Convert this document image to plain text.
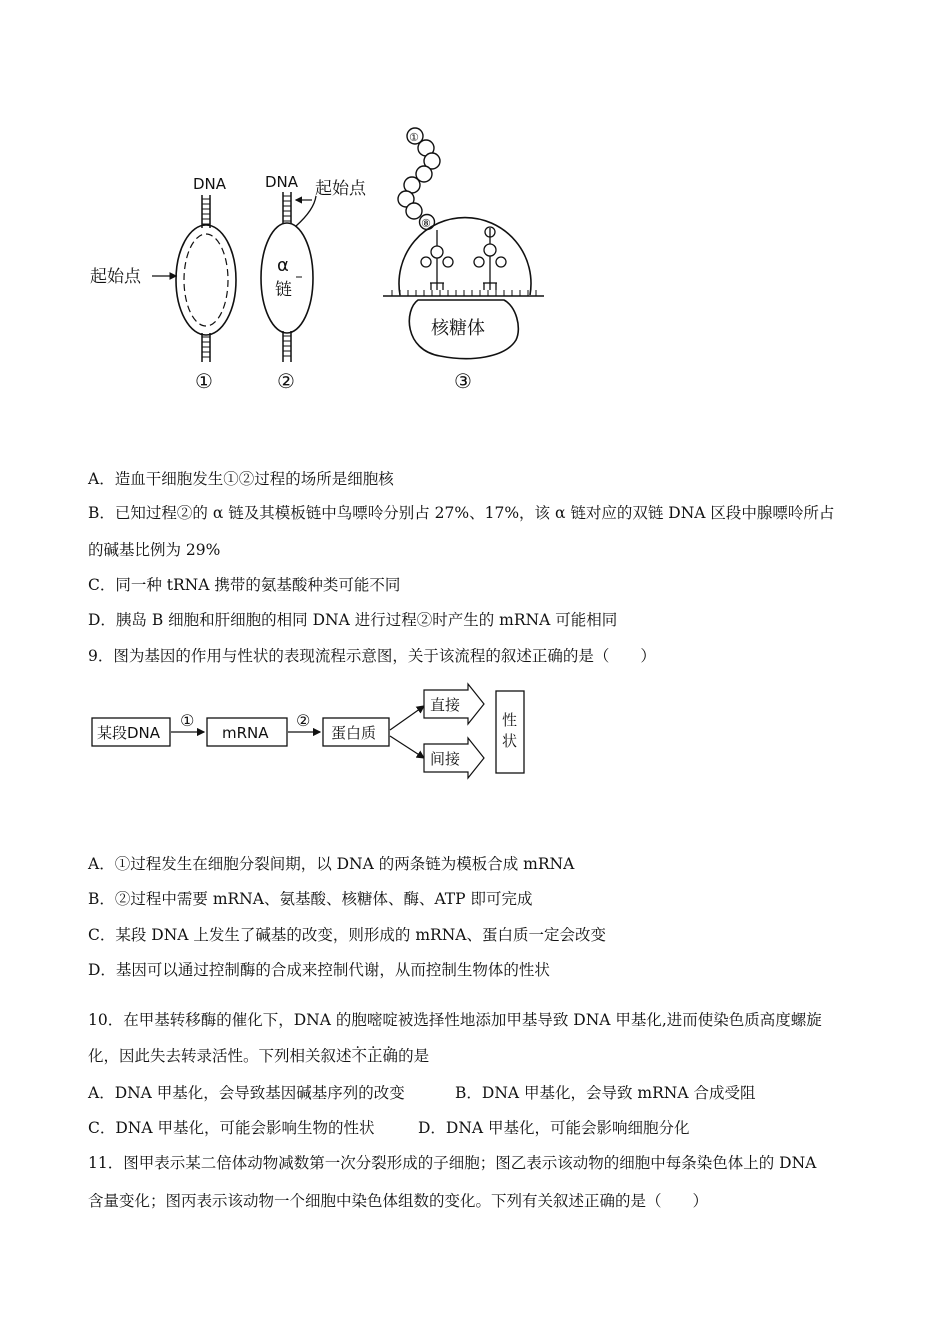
DNA
起始点
①
DNA 起始点
α
链
②
①
⑧
核糖体
③
A．造血干细胞发生①②过程的场所是细胞核
B．已知过程②的 α 链及其模板链中鸟嘌呤分别占 27%、17%，该 α 链对应的双链 DNA 区段中腺嘌呤所占
的碱基比例为 29%
C．同一种 tRNA 携带的氨基酸种类可能不同
D．胰岛 B 细胞和肝细胞的相同 DNA 进行过程②时产生的 mRNA 可能相同
9．图为基因的作用与性状的表现流程示意图，关于该流程的叙述正确的是（　　）
某段DNA
①
mRNA
②
蛋白质
直接
间接
性
状
A．①过程发生在细胞分裂间期，以 DNA 的两条链为模板合成 mRNA
B．②过程中需要 mRNA、氨基酸、核糖体、酶、ATP 即可完成
C．某段 DNA 上发生了碱基的改变，则形成的 mRNA、蛋白质一定会改变
D．基因可以通过控制酶的合成来控制代谢，从而控制生物体的性状
10．在甲基转移酶的催化下，DNA 的胞嘧啶被选择性地添加甲基导致 DNA 甲基化,进而使染色质高度螺旋
化，因此失去转录活性。下列相关叙述不正确的是
A．DNA 甲基化，会导致基因碱基序列的改变	B．DNA 甲基化，会导致 mRNA 合成受阻
C．DNA 甲基化，可能会影响生物的性状	D．DNA 甲基化，可能会影响细胞分化
11．图甲表示某二倍体动物减数第一次分裂形成的子细胞；图乙表示该动物的细胞中每条染色体上的 DNA
含量变化；图丙表示该动物一个细胞中染色体组数的变化。下列有关叙述正确的是（　　）
